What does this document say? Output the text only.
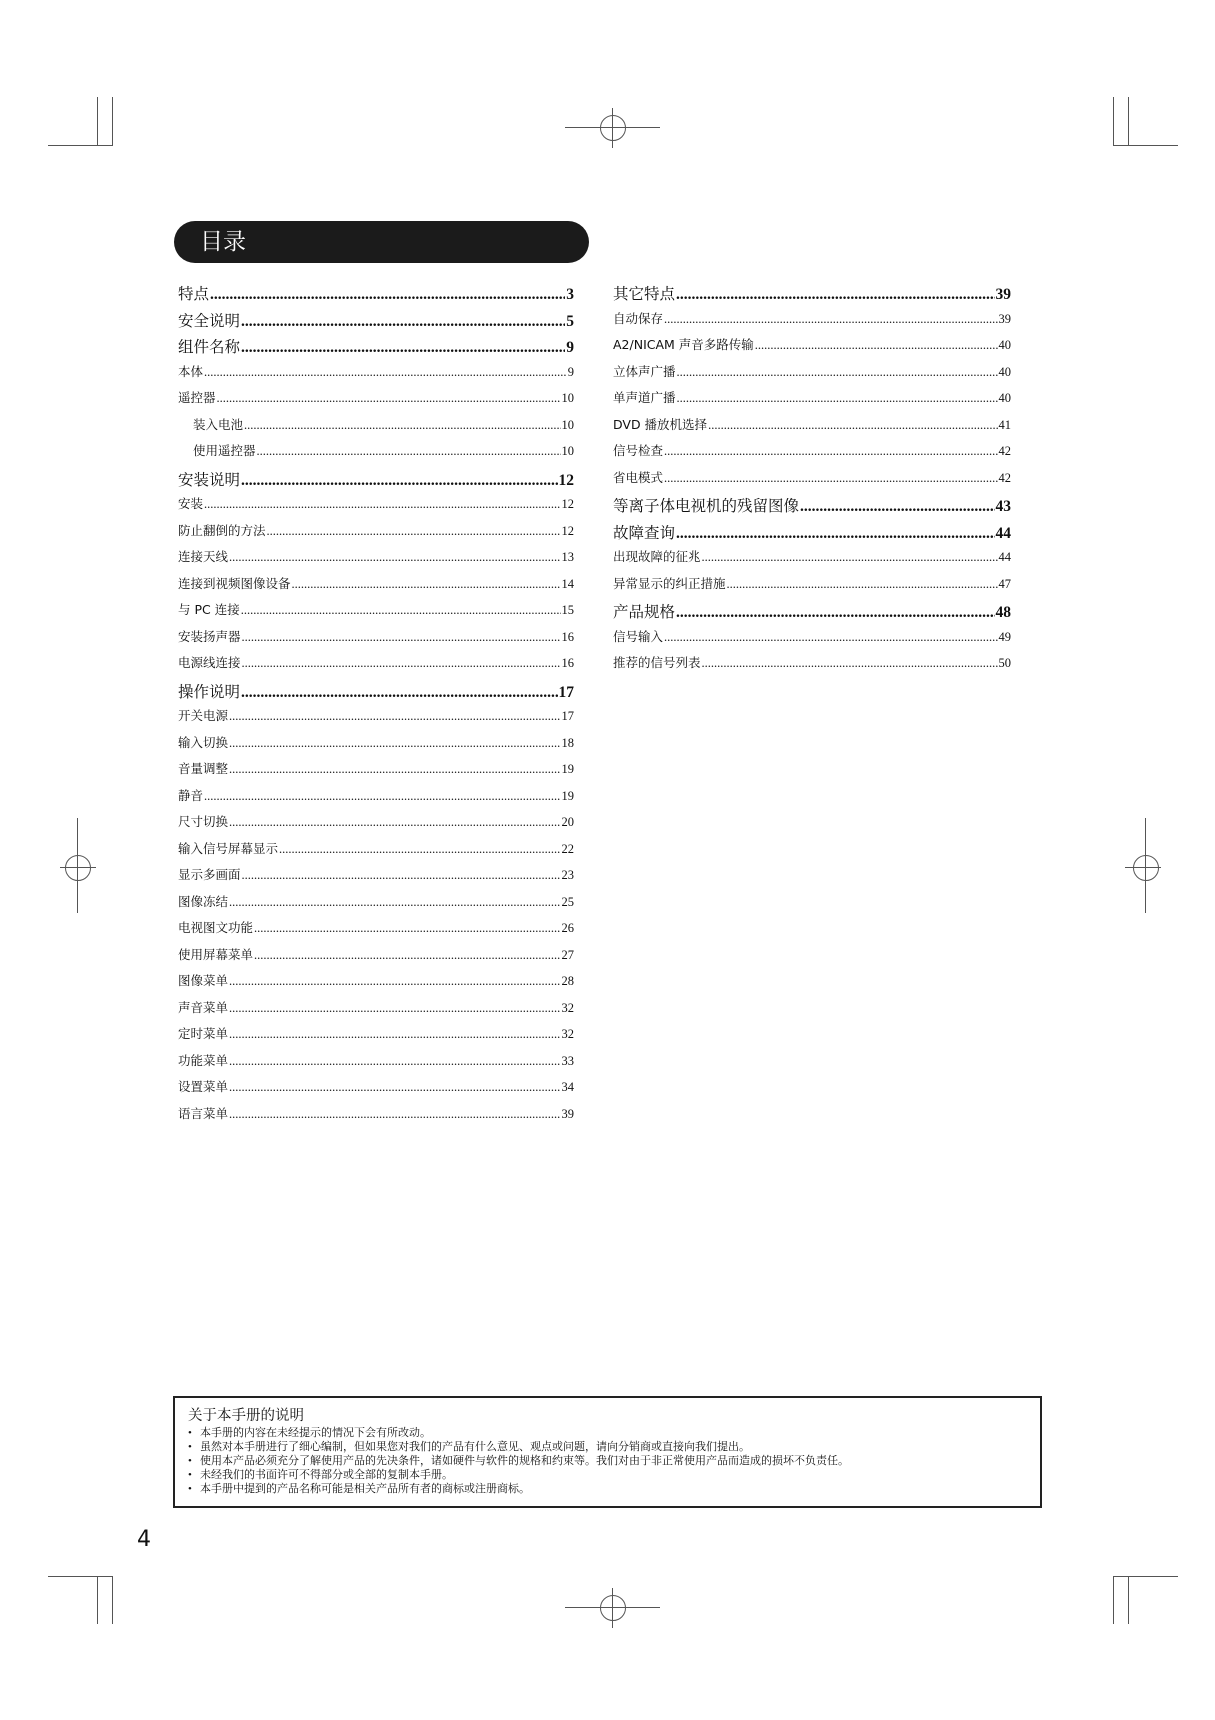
目录
特点 .....	3
安全说明 .....	5
组件名称 .....	9
本体 .....	9
遥控器 .....	10
装入电池 .....	10
使用遥控器 .....	10
安装说明 .....	12
安装 .....	12
防止翻倒的方法 .....	12
连接天线 .....	13
连接到视频图像设备 .....	14
与 PC 连接 .....	15
安装扬声器 .....	16
电源线连接 .....	16
操作说明 .....	17
开关电源 .....	17
输入切换 .....	18
音量调整 .....	19
静音 .....	19
尺寸切换 .....	20
输入信号屏幕显示 .....	22
显示多画面 .....	23
图像冻结 .....	25
电视图文功能 .....	26
使用屏幕菜单 .....	27
图像菜单 .....	28
声音菜单 .....	32
定时菜单 .....	32
功能菜单 .....	33
设置菜单 .....	34
语言菜单 .....	39
其它特点 .....	39
自动保存 .....	39
A2/NICAM 声音多路传输 .....	40
立体声广播 .....	40
单声道广播 .....	40
DVD 播放机选择 .....	41
信号检查 .....	42
省电模式 .....	42
等离子体电视机的残留图像 .....	43
故障查询 .....	44
出现故障的征兆 .....	44
异常显示的纠正措施 .....	47
产品规格 .....	48
信号输入 .....	49
推荐的信号列表 .....	50
关于本手册的说明
• 本手册的内容在未经提示的情况下会有所改动。
• 虽然对本手册进行了细心编制，但如果您对我们的产品有什么意见、观点或问题，请向分销商或直接向我们提出。
• 使用本产品必须充分了解使用产品的先决条件，诸如硬件与软件的规格和约束等。我们对由于非正常使用产品而造成的损坏不负责任。
• 未经我们的书面许可不得部分或全部的复制本手册。
• 本手册中提到的产品名称可能是相关产品所有者的商标或注册商标。
4
